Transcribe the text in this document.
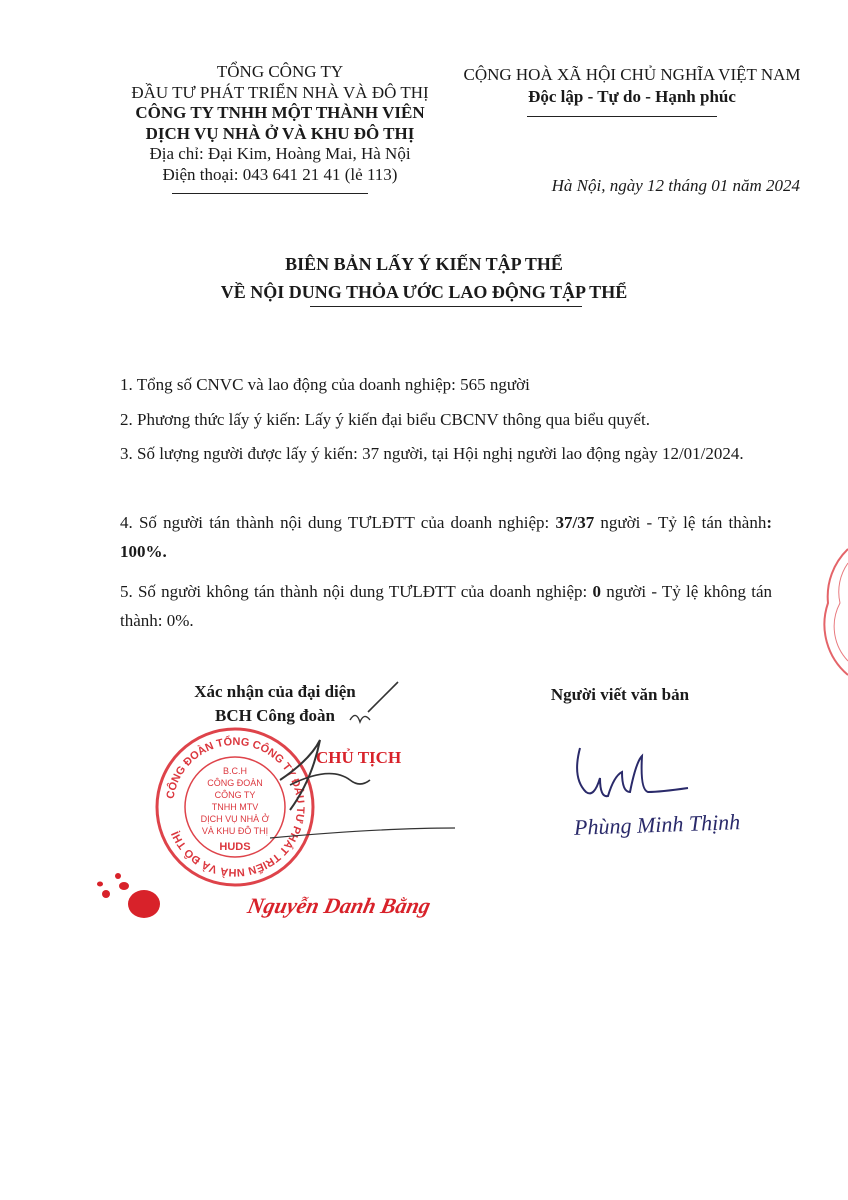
TỔNG CÔNG TY
ĐẦU TƯ PHÁT TRIỂN NHÀ VÀ ĐÔ THỊ
CÔNG TY TNHH MỘT THÀNH VIÊN
DỊCH VỤ NHÀ Ở VÀ KHU ĐÔ THỊ
Địa chỉ: Đại Kim, Hoàng Mai, Hà Nội
Điện thoại: 043 641 21 41 (lẻ 113)
CỘNG HOÀ XÃ HỘI CHỦ NGHĨA VIỆT NAM
Độc lập - Tự do - Hạnh phúc
Hà Nội, ngày 12 tháng 01 năm 2024
BIÊN BẢN LẤY Ý KIẾN TẬP THỂ
VỀ NỘI DUNG THỎA ƯỚC LAO ĐỘNG TẬP THỂ
1. Tổng số CNVC và lao động của doanh nghiệp: 565 người
2. Phương thức lấy ý kiến: Lấy ý kiến đại biểu CBCNV thông qua biểu quyết.
3. Số lượng người được lấy ý kiến: 37 người, tại Hội nghị người lao động ngày 12/01/2024.
4. Số người tán thành nội dung TƯLĐTT của doanh nghiệp: 37/37 người - Tỷ lệ tán thành: 100%.
5. Số người không tán thành nội dung TƯLĐTT của doanh nghiệp: 0 người - Tỷ lệ không tán thành: 0%.
Xác nhận của đại diện
BCH Công đoàn
CÔNG ĐOÀN TỔNG CÔNG TY ĐẦU TƯ PHÁT TRIỂN NHÀ VÀ ĐÔ THỊ
B.C.H
CÔNG ĐOÀN
CÔNG TY
TNHH MTV
DỊCH VỤ NHÀ Ở
VÀ KHU ĐÔ THỊ
HUDS
CHỦ TỊCH
Nguyễn Danh Bằng
Người viết văn bản
Phùng Minh Thịnh
